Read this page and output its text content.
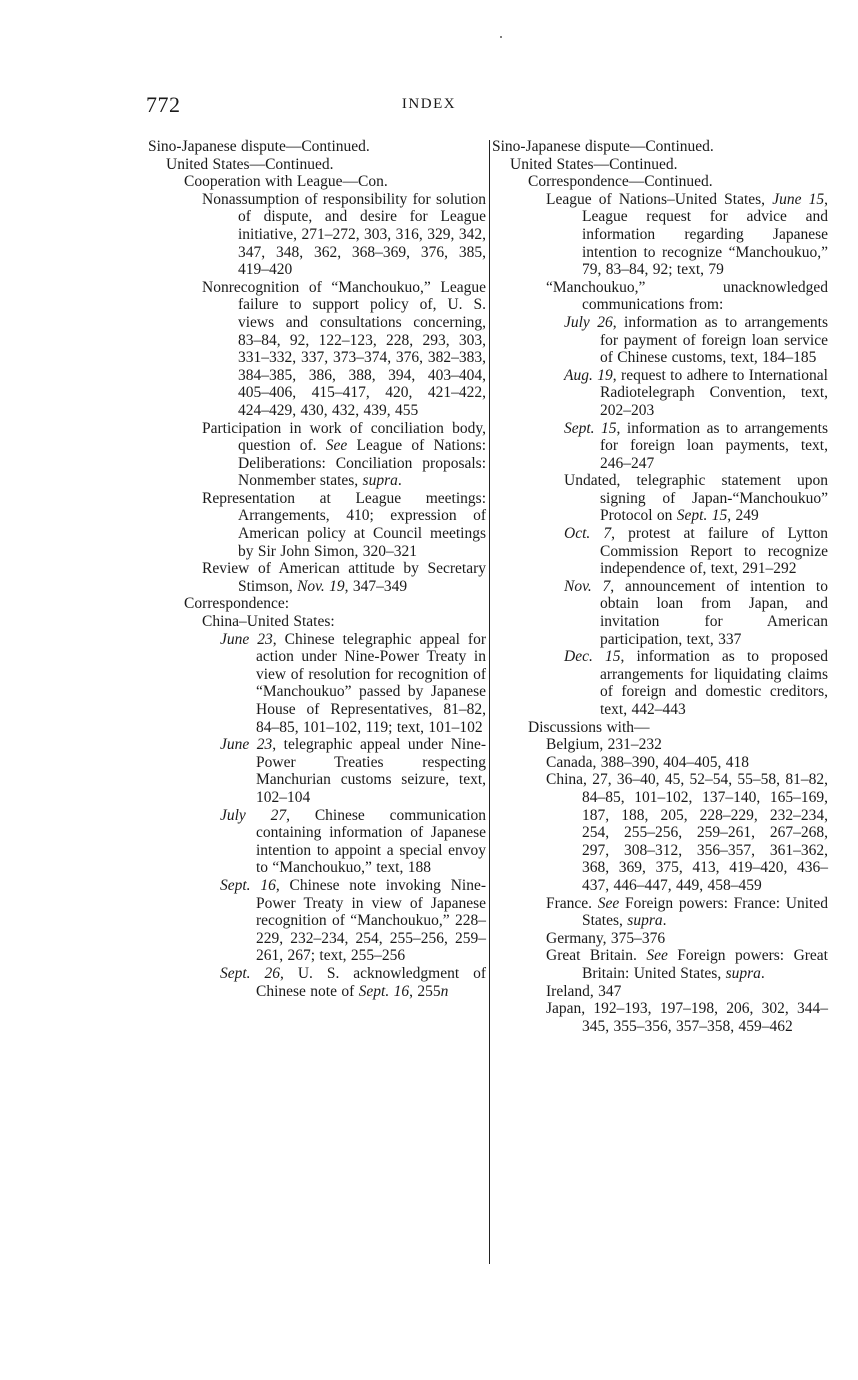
772	INDEX
Sino-Japanese dispute—Continued.
United States—Continued.
Cooperation with League—Con.
Nonassumption of responsibility for solution of dispute, and desire for League initiative, 271–272, 303, 316, 329, 342, 347, 348, 362, 368–369, 376, 385, 419–420
Nonrecognition of “Manchoukuo,” League failure to support policy of, U. S. views and consultations concerning, 83–84, 92, 122–123, 228, 293, 303, 331–332, 337, 373–374, 376, 382–383, 384–385, 386, 388, 394, 403–404, 405–406, 415–417, 420, 421–422, 424–429, 430, 432, 439, 455
Participation in work of conciliation body, question of. See League of Nations: Deliberations: Conciliation proposals: Nonmember states, supra.
Representation at League meetings: Arrangements, 410; expression of American policy at Council meetings by Sir John Simon, 320–321
Review of American attitude by Secretary Stimson, Nov. 19, 347–349
Correspondence:
China–United States:
June 23, Chinese telegraphic appeal for action under Nine-Power Treaty in view of resolution for recognition of “Manchoukuo” passed by Japanese House of Representatives, 81–82, 84–85, 101–102, 119; text, 101–102
June 23, telegraphic appeal under Nine-Power Treaties respecting Manchurian customs seizure, text, 102–104
July 27, Chinese communication containing information of Japanese intention to appoint a special envoy to “Manchoukuo,” text, 188
Sept. 16, Chinese note invoking Nine-Power Treaty in view of Japanese recognition of “Manchoukuo,” 228–229, 232–234, 254, 255–256, 259–261, 267; text, 255–256
Sept. 26, U. S. acknowledgment of Chinese note of Sept. 16, 255n
Sino-Japanese dispute—Continued.
United States—Continued.
Correspondence—Continued.
League of Nations–United States, June 15, League request for advice and information regarding Japanese intention to recognize “Manchoukuo,” 79, 83–84, 92; text, 79
“Manchoukuo,” unacknowledged communications from:
July 26, information as to arrangements for payment of foreign loan service of Chinese customs, text, 184–185
Aug. 19, request to adhere to International Radiotelegraph Convention, text, 202–203
Sept. 15, information as to arrangements for foreign loan payments, text, 246–247
Undated, telegraphic statement upon signing of Japan-“Manchoukuo” Protocol on Sept. 15, 249
Oct. 7, protest at failure of Lytton Commission Report to recognize independence of, text, 291–292
Nov. 7, announcement of intention to obtain loan from Japan, and invitation for American participation, text, 337
Dec. 15, information as to proposed arrangements for liquidating claims of foreign and domestic creditors, text, 442–443
Discussions with—
Belgium, 231–232
Canada, 388–390, 404–405, 418
China, 27, 36–40, 45, 52–54, 55–58, 81–82, 84–85, 101–102, 137–140, 165–169, 187, 188, 205, 228–229, 232–234, 254, 255–256, 259–261, 267–268, 297, 308–312, 356–357, 361–362, 368, 369, 375, 413, 419–420, 436–437, 446–447, 449, 458–459
France. See Foreign powers: France: United States, supra.
Germany, 375–376
Great Britain. See Foreign powers: Great Britain: United States, supra.
Ireland, 347
Japan, 192–193, 197–198, 206, 302, 344–345, 355–356, 357–358, 459–462
